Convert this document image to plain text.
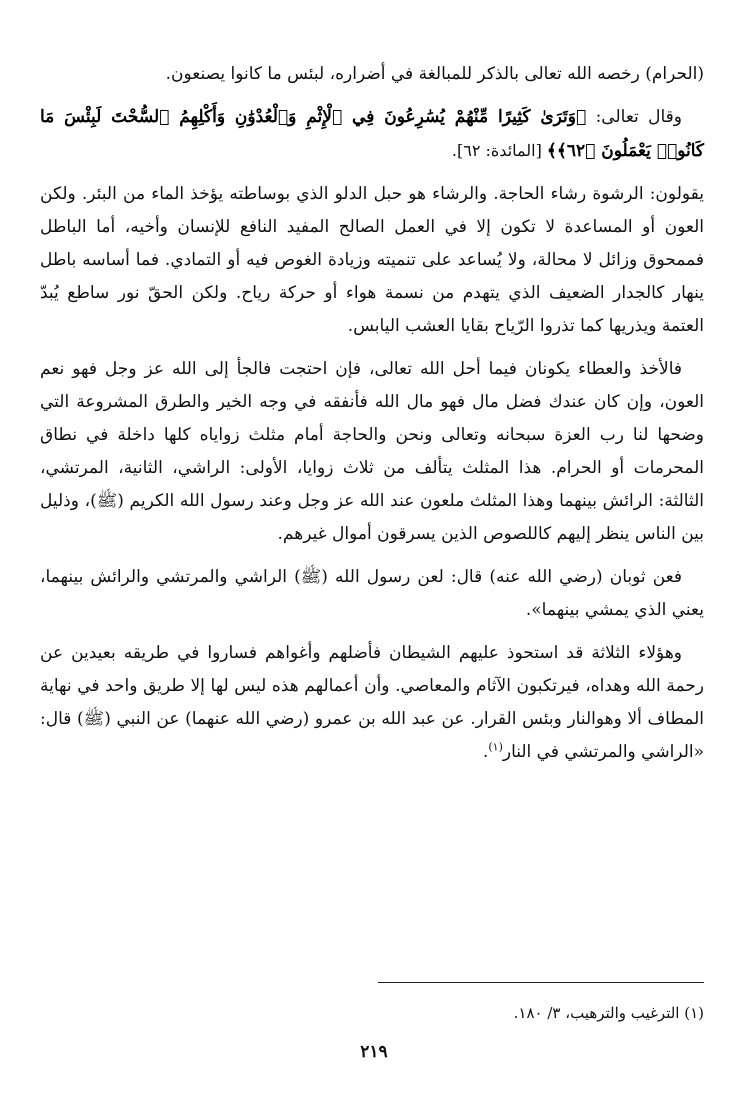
(الحرام) رخصه الله تعالى بالذكر للمبالغة في أضراره، لبئس ما كانوا يصنعون.

وقال تعالى: ﴿وَتَرَىٰ كَثِيرًا مِّنْهُمْ يُسَٰرِعُونَ فِي ٱلْإِثْمِ وَٱلْعُدْوَٰنِ وَأَكْلِهِمُ ٱلسُّحْتَ لَبِئْسَ مَا كَانُوا۟ يَعْمَلُونَ ﴿٦٢﴾﴾ [المائدة: ٦٢].

يقولون: الرشوة رشاء الحاجة. والرشاء هو حبل الدلو الذي بوساطته يؤخذ الماء من البئر. ولكن العون أو المساعدة لا تكون إلا في العمل الصالح المفيد النافع للإنسان وأخيه، أما الباطل فممحوق وزائل لا محالة، ولا يُساعد على تنميته وزيادة الغوص فيه أو التمادي. فما أساسه باطل ينهار كالجدار الضعيف الذي يتهدم من نسمة هواء أو حركة رياح. ولكن الحقّ نور ساطع يُبدّ العتمة ويذريها كما تذروا الرّياح بقايا العشب اليابس.

فالأخذ والعطاء يكونان فيما أحل الله تعالى، فإن احتجت فالجأ إلى الله عز وجل فهو نعم العون، وإن كان عندك فضل مال فهو مال الله فأنفقه في وجه الخير والطرق المشروعة التي وضحها لنا رب العزة سبحانه وتعالى ونحن والحاجة أمام مثلث زواياه كلها داخلة في نطاق المحرمات أو الحرام. هذا المثلث يتألف من ثلاث زوايا، الأولى: الراشي، الثانية، المرتشي، الثالثة: الرائش بينهما وهذا المثلث ملعون عند الله عز وجل وعند رسول الله الكريم (ﷺ)، وذليل بين الناس ينظر إليهم كاللصوص الذين يسرقون أموال غيرهم.

فعن ثوبان (رضي الله عنه) قال: لعن رسول الله (ﷺ) الراشي والمرتشي والرائش بينهما، يعني الذي يمشي بينهما».

وهؤلاء الثلاثة قد استحوذ عليهم الشيطان فأضلهم وأغواهم فساروا في طريقه بعيدين عن رحمة الله وهداه، فيرتكبون الآثام والمعاصي. وأن أعمالهم هذه ليس لها إلا طريق واحد في نهاية المطاف ألا وهوالنار وبئس القرار. عن عبد الله بن عمرو (رضي الله عنهما) عن النبي (ﷺ) قال: «الراشي والمرتشي في النار$^{(١)}$.

(١) الترغيب والترهيب، ٣/ ١٨٠.
٢١٩
